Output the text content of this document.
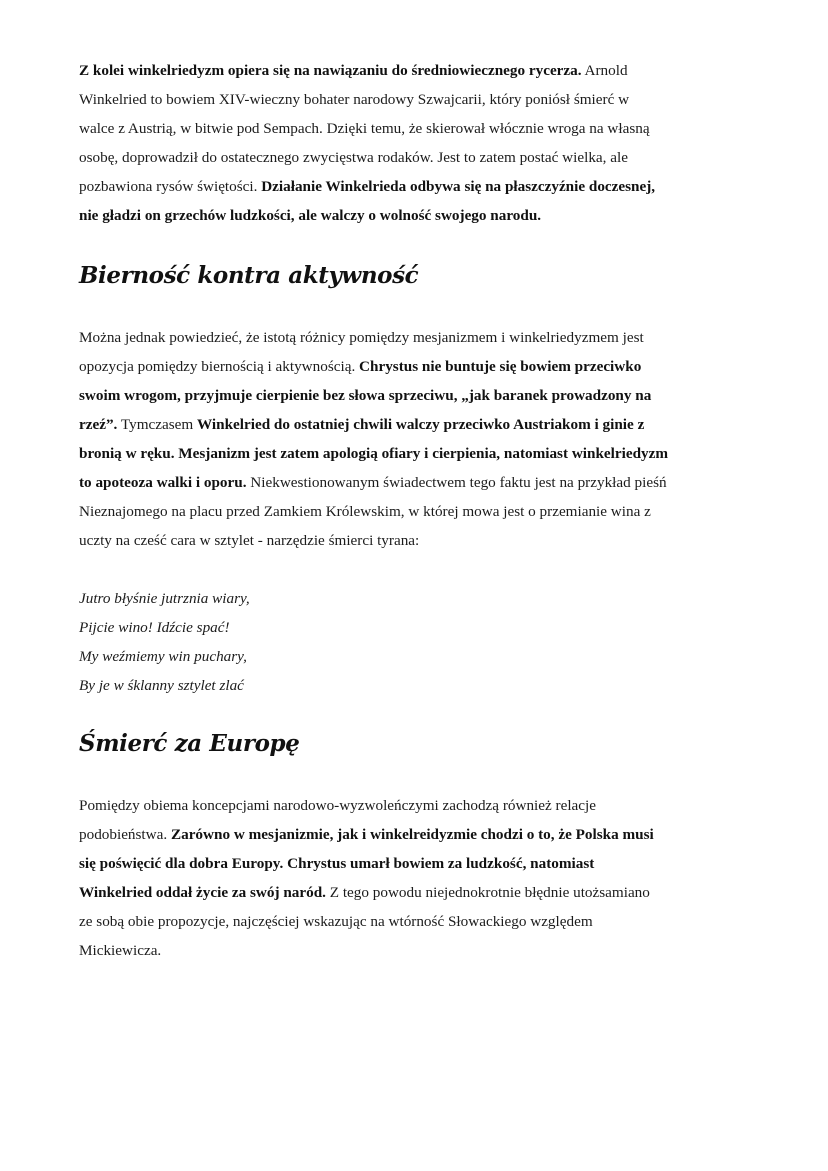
Z kolei winkelriedyzm opiera się na nawiązaniu do średniowiecznego rycerza. Arnold
Winkelried to bowiem XIV-wieczny bohater narodowy Szwajcarii, który poniósł śmierć w
walce z Austrią, w bitwie pod Sempach. Dzięki temu, że skierował włócznie wroga na własną
osobę, doprowadził do ostatecznego zwycięstwa rodaków. Jest to zatem postać wielka, ale
pozbawiona rysów świętości. Działanie Winkelrieda odbywa się na płaszczyźnie doczesnej,
nie gładzi on grzechów ludzkości, ale walczy o wolność swojego narodu.
Bierność kontra aktywność
Można jednak powiedzieć, że istotą różnicy pomiędzy mesjanizmem i winkelriedyzmem jest
opozycja pomiędzy biernością i aktywnością. Chrystus nie buntuje się bowiem przeciwko
swoim wrogom, przyjmuje cierpienie bez słowa sprzeciwu, „jak baranek prowadzony na
rzeź”. Tymczasem Winkelried do ostatniej chwili walczy przeciwko Austriakom i ginie z
bronią w ręku. Mesjanizm jest zatem apologią ofiary i cierpienia, natomiast winkelriedyzm
to apoteoza walki i oporu. Niekwestionowanym świadectwem tego faktu jest na przykład pieśń
Nieznajomego na placu przed Zamkiem Królewskim, w której mowa jest o przemianie wina z
uczty na cześć cara w sztylet - narzędzie śmierci tyrana:
Jutro błyśnie jutrznia wiary,
Pijcie wino! Idźcie spać!
My weźmiemy win puchary,
By je w śklanny sztylet zlać
Śmierć za Europę
Pomiędzy obiema koncepcjami narodowo-wyzwoleńczymi zachodzą również relacje
podobieństwa. Zarówno w mesjanizmie, jak i winkelreidyzmie chodzi o to, że Polska musi
się poświęcić dla dobra Europy. Chrystus umarł bowiem za ludzkość, natomiast
Winkelried oddał życie za swój naród. Z tego powodu niejednokrotnie błędnie utożsamiano
ze sobą obie propozycje, najczęściej wskazując na wtórność Słowackiego względem
Mickiewicza.
